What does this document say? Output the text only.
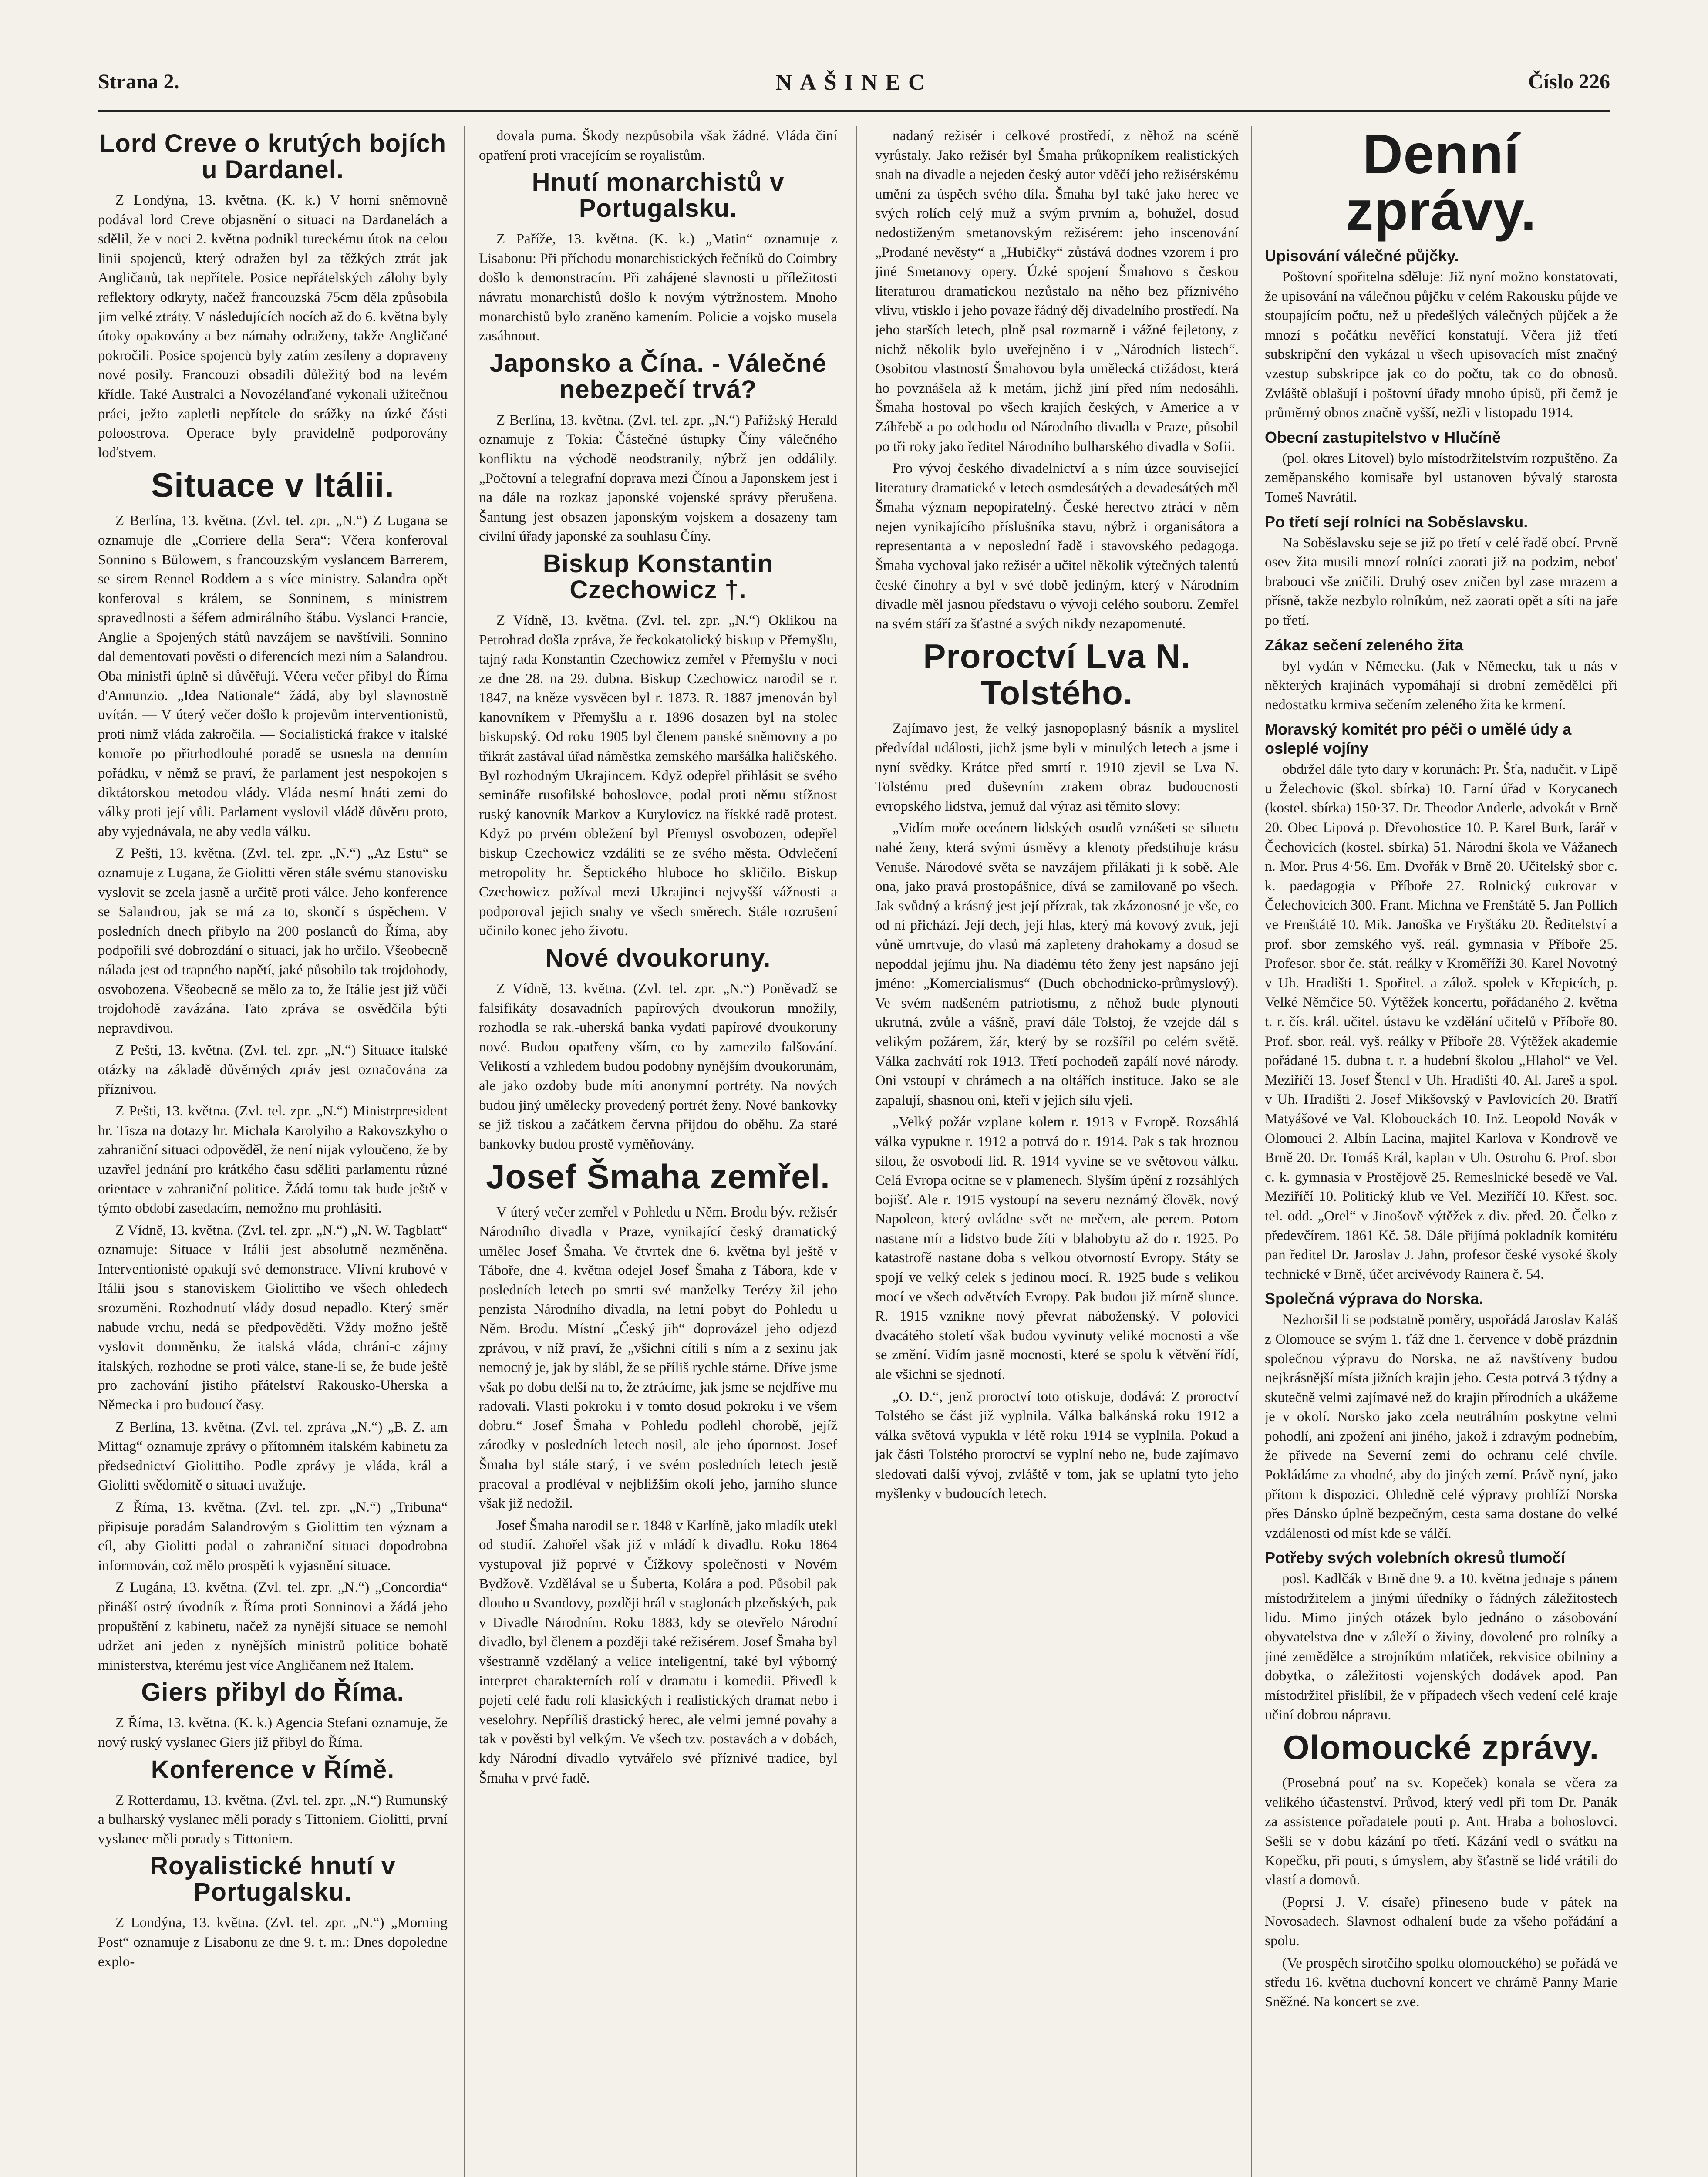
Strana 2.	NAŠINEC	Číslo 226
Lord Creve o krutých bojích u Dardanel.

Z Londýna, 13. května. (K. k.) V horní sněmovně podával lord Creve objasnění o situaci na Dardanelách a sdělil, že v noci 2. května podnikl tureckému útok na celou linii spojenců, který odražen byl za těžkých ztrát jak Angličanů, tak nepřítele. Posice nepřátelských zálohy byly reflektory odkryty, načež francouzská 75cm děla způsobila jim velké ztráty. V následujících nocích až do 6. května byly útoky opakovány a bez námahy odraženy, takže Angličané pokročili. Posice spojenců byly zatím zesíleny a dopraveny nové posily. Francouzi obsadili důležitý bod na levém křídle. Také Australci a Novozélanďané vykonali užitečnou práci, ježto zapletli nepřítele do srážky na úzké části poloostrova. Operace byly pravidelně podporovány loďstvem.

Situace v Itálii.

Z Berlína, 13. května. (Zvl. tel. zpr. „N.“) Z Lugana se oznamuje dle „Corriere della Sera“: Včera konferoval Sonnino s Bülowem, s francouzským vyslancem Barrerem, se sirem Rennel Roddem a s více ministry. Salandra opět konferoval s králem, se Sonninem, s ministrem spravedlnosti a šéfem admirálního štábu. Vyslanci Francie, Anglie a Spojených států navzájem se navštívili. Sonnino dal dementovati pověsti o diferencích mezi ním a Salandrou. Oba ministři úplně si důvěřují. Včera večer přibyl do Říma d'Annunzio. „Idea Nationale“ žádá, aby byl slavnostně uvítán. — V úterý večer došlo k projevům interventionistů, proti nimž vláda zakročila. — Socialistická frakce v italské komoře po přitrhodlouhé poradě se usnesla na denním pořádku, v němž se praví, že parlament jest nespokojen s diktátorskou metodou vlády. Vláda nesmí hnáti zemi do války proti její vůli. Parlament vyslovil vládě důvěru proto, aby vyjednávala, ne aby vedla válku.

Z Pešti, 13. května. (Zvl. tel. zpr. „N.“) „Az Estu“ se oznamuje z Lugana, že Giolitti věren stále svému stanovisku vyslovit se zcela jasně a určitě proti válce. Jeho konference se Salandrou, jak se má za to, skončí s úspěchem. V posledních dnech přibylo na 200 poslanců do Říma, aby podpořili své dobrozdání o situaci, jak ho určilo. Všeobecně nálada jest od trapného napětí, jaké působilo tak trojdohody, osvobozena. Všeobecně se mělo za to, že Itálie jest již vůči trojdohodě zavázána. Tato zpráva se osvědčila býti nepravdivou.

Z Pešti, 13. května. (Zvl. tel. zpr. „N.“) Situace italské otázky na základě důvěrných zpráv jest označována za příznivou.

Z Pešti, 13. května. (Zvl. tel. zpr. „N.“) Ministrpresident hr. Tisza na dotazy hr. Michala Karolyiho a Rakovszkyho o zahraniční situaci odpověděl, že není nijak vyloučeno, že by uzavřel jednání pro krátkého času sděliti parlamentu různé orientace v zahraniční politice. Žádá tomu tak bude ještě v týmto období zasedacím, nemožno mu prohlásiti.

Z Vídně, 13. května. (Zvl. tel. zpr. „N.“) „N. W. Tagblatt“ oznamuje: Situace v Itálii jest absolutně nezměněna. Interventionisté opakují své demonstrace. Vlivní kruhové v Itálii jsou s stanoviskem Giolittiho ve všech ohledech srozuměni. Rozhodnutí vlády dosud nepadlo. Který směr nabude vrchu, nedá se předpověděti. Vždy možno ještě vyslovit domněnku, že italská vláda, chrání-c zájmy italských, rozhodne se proti válce, stane-li se, že bude ještě pro zachování jistiho přátelství Rakousko-Uherska a Německa i pro budoucí časy.

Z Berlína, 13. května. (Zvl. tel. zpráva „N.“) „B. Z. am Mittag“ oznamuje zprávy o přítomném italském kabinetu za předsednictví Giolittiho. Podle zprávy je vláda, král a Giolitti svědomitě o situaci uvažuje.

Z Říma, 13. května. (Zvl. tel. zpr. „N.“) „Tribuna“ připisuje poradám Salandrovým s Giolittim ten význam a cíl, aby Giolitti podal o zahraniční situaci dopodrobna informován, což mělo prospěti k vyjasnění situace.

Z Lugána, 13. května. (Zvl. tel. zpr. „N.“) „Concordia“ přináší ostrý úvodník z Říma proti Sonninovi a žádá jeho propuštění z kabinetu, načež za nynější situace se nemohl udržet ani jeden z nynějších ministrů politice bohatě ministerstva, kterému jest více Angličanem než Italem.

Giers přibyl do Říma.

Z Říma, 13. května. (K. k.) Agencia Stefani oznamuje, že nový ruský vyslanec Giers již přibyl do Říma.

Konference v Římě.

Z Rotterdamu, 13. května. (Zvl. tel. zpr. „N.“) Rumunský a bulharský vyslanec měli porady s Tittoniem. Giolitti, první vyslanec měli porady s Tittoniem.

Royalistické hnutí v Portugalsku.

Z Londýna, 13. května. (Zvl. tel. zpr. „N.“) „Morning Post“ oznamuje z Lisabonu ze dne 9. t. m.: Dnes dopoledne explo-

dovala puma. Škody nezpůsobila však žádné. Vláda činí opatření proti vracejícím se royalistům.

Hnutí monarchistů v Portugalsku.

Z Paříže, 13. května. (K. k.) „Matin“ oznamuje z Lisabonu: Při příchodu monarchistických řečníků do Coimbry došlo k demonstracím. Při zahájené slavnosti u příležitosti návratu monarchistů došlo k novým výtržnostem. Mnoho monarchistů bylo zraněno kamením. Policie a vojsko musela zasáhnout.

Japonsko a Čína. - Válečné nebezpečí trvá?

Z Berlína, 13. května. (Zvl. tel. zpr. „N.“) Pařížský Herald oznamuje z Tokia: Částečné ústupky Číny válečného konfliktu na východě neodstranily, nýbrž jen oddálily. „Počtovní a telegrafní doprava mezi Čínou a Japonskem jest i na dále na rozkaz japonské vojenské správy přerušena. Šantung jest obsazen japonským vojskem a dosazeny tam civilní úřady japonské za souhlasu Číny.

Biskup Konstantin Czechowicz †.

Z Vídně, 13. května. (Zvl. tel. zpr. „N.“) Oklikou na Petrohrad došla zpráva, že řeckokatolický biskup v Přemyšlu, tajný rada Konstantin Czechowicz zemřel v Přemyšlu v noci ze dne 28. na 29. dubna. Biskup Czechowicz narodil se r. 1847, na kněze vysvěcen byl r. 1873. R. 1887 jmenován byl kanovníkem v Přemyšlu a r. 1896 dosazen byl na stolec biskupský. Od roku 1905 byl členem panské sněmovny a po třikrát zastával úřad náměstka zemského maršálka haličského. Byl rozhodným Ukrajincem. Když odepřel přihlásit se svého semináře rusofilské bohoslovce, podal proti němu stížnost ruský kanovník Markov a Kurylovicz na řískké radě protest. Když po prvém obležení byl Přemysl osvobozen, odepřel biskup Czechowicz vzdáliti se ze svého města. Odvlečení metropolity hr. Šeptického hluboce ho skličilo. Biskup Czechowicz požíval mezi Ukrajinci nejvyšší vážnosti a podporoval jejich snahy ve všech směrech. Stále rozrušení učinilo konec jeho životu.

Nové dvoukoruny.

Z Vídně, 13. května. (Zvl. tel. zpr. „N.“) Poněvadž se falsifikáty dosavadních papírových dvoukorun množily, rozhodla se rak.-uherská banka vydati papírové dvoukoruny nové. Budou opatřeny vším, co by zamezilo falšování. Velikostí a vzhledem budou podobny nynějším dvoukorunám, ale jako ozdoby bude míti anonymní portréty. Na nových budou jiný umělecky provedený portrét ženy. Nové bankovky se již tiskou a začátkem června přijdou do oběhu. Za staré bankovky budou prostě vyměňovány.

Josef Šmaha zemřel.

V úterý večer zemřel v Pohledu u Něm. Brodu býv. režisér Národního divadla v Praze, vynikající český dramatický umělec Josef Šmaha. Ve čtvrtek dne 6. května byl ještě v Táboře, dne 4. května odejel Josef Šmaha z Tábora, kde v posledních letech po smrti své manželky Terézy žil jeho penzista Národního divadla, na letní pobyt do Pohledu u Něm. Brodu. Místní „Český jih“ doprovázel jeho odjezd zprávou, v níž praví, že „všichni cítili s ním a z sexinu jak nemocný je, jak by slábl, že se příliš rychle stárne. Dříve jsme však po dobu delší na to, že ztrácíme, jak jsme se nejdříve mu radovali. Vlasti pokroku i v tomto dosud pokroku i ve všem dobru.“ Josef Šmaha v Pohledu podlehl chorobě, jejíž zárodky v posledních letech nosil, ale jeho úpornost. Josef Šmaha byl stále starý, i ve svém posledních letech jestě pracoval a prodléval v nejbližším okolí jeho, jarního slunce však již nedožil.

Josef Šmaha narodil se r. 1848 v Karlíně, jako mladík utekl od studií. Zahořel však již v mládí k divadlu. Roku 1864 vystupoval již poprvé v Čížkovy společnosti v Novém Bydžově. Vzdělával se u Šuberta, Kolára a pod. Působil pak dlouho u Svandovy, později hrál v staglonách plzeňských, pak v Divadle Národním. Roku 1883, kdy se otevřelo Národní divadlo, byl členem a později také režisérem. Josef Šmaha byl všestranně vzdělaný a velice inteligentní, také byl výborný interpret charakterních rolí v dramatu i komedii. Přivedl k pojetí celé řadu rolí klasických i realistických dramat nebo i veselohry. Nepříliš drastický herec, ale velmi jemné povahy a tak v pověsti byl velkým. Ve všech tzv. postavách a v dobách, kdy Národní divadlo vytvářelo své příznivé tradice, byl Šmaha v prvé řadě.

nadaný režisér i celkové prostředí, z něhož na scéně vyrůstaly. Jako režisér byl Šmaha průkopníkem realistických snah na divadle a nejeden český autor vděčí jeho režisérskému umění za úspěch svého díla. Šmaha byl také jako herec ve svých rolích celý muž a svým prvním a, bohužel, dosud nedostiženým smetanovským režisérem: jeho inscenování „Prodané nevěsty“ a „Hubičky“ zůstává dodnes vzorem i pro jiné Smetanovy opery. Úzké spojení Šmahovo s českou literaturou dramatickou nezůstalo na něho bez příznivého vlivu, vtisklo i jeho povaze řádný děj divadelního prostředí. Na jeho starších letech, plně psal rozmarně i vážné fejletony, z nichž několik bylo uveřejněno i v „Národních listech“. Osobitou vlastností Šmahovou byla umělecká ctižádost, která ho povznášela až k metám, jichž jiní před ním nedosáhli. Šmaha hostoval po všech krajích českých, v Americe a v Záhřebě a po odchodu od Národního divadla v Praze, působil po tři roky jako ředitel Národního bulharského divadla v Sofii.

Pro vývoj českého divadelnictví a s ním úzce související literatury dramatické v letech osmdesátých a devadesátých měl Šmaha význam nepopiratelný. České herectvo ztrácí v něm nejen vynikajícího příslušníka stavu, nýbrž i organisátora a representanta a v neposlední řadě i stavovského pedagoga. Šmaha vychoval jako režisér a učitel několik výtečných talentů české činohry a byl v své době jediným, který v Národním divadle měl jasnou představu o vývoji celého souboru. Zemřel na svém stáří za šťastné a svých nikdy nezapomenuté.

Proroctví Lva N. Tolstého.

Zajímavo jest, že velký jasnopoplasný básník a myslitel předvídal události, jichž jsme byli v minulých letech a jsme i nyní svědky. Krátce před smrtí r. 1910 zjevil se Lva N. Tolstému pred duševním zrakem obraz budoucnosti evropského lidstva, jemuž dal výraz asi těmito slovy:

„Vidím moře oceánem lidských osudů vznášeti se siluetu nahé ženy, která svými úsměvy a klenoty předstihuje krásu Venuše. Národové světa se navzájem přilákati ji k sobě. Ale ona, jako pravá prostopášnice, dívá se zamilovaně po všech. Jak svůdný a krásný jest její přízrak, tak zkázonosné je vše, co od ní přichází. Její dech, její hlas, který má kovový zvuk, její vůně umrtvuje, do vlasů má zapleteny drahokamy a dosud se nepoddal jejímu jhu. Na diadému této ženy jest napsáno její jméno: „Komercialismus“ (Duch obchodnicko-průmyslový). Ve svém nadšeném patriotismu, z něhož bude plynouti ukrutná, zvůle a vášně, praví dále Tolstoj, že vzejde dál s velikým požárem, žár, který by se rozšířil po celém světě. Válka zachvátí rok 1913. Třetí pochodeň zapálí nové národy. Oni vstoupí v chrámech a na oltářích instituce. Jako se ale zapalují, shasnou oni, kteří v jejich sílu vjeli.

„Velký požár vzplane kolem r. 1913 v Evropě. Rozsáhlá válka vypukne r. 1912 a potrvá do r. 1914. Pak s tak hroznou silou, že osvobodí lid. R. 1914 vyvine se ve světovou válku. Celá Evropa ocitne se v plamenech. Slyším úpění z rozsáhlých bojišť. Ale r. 1915 vystoupí na severu neznámý člověk, nový Napoleon, který ovládne svět ne mečem, ale perem. Potom nastane mír a lidstvo bude žíti v blahobytu až do r. 1925. Po katastrofě nastane doba s velkou otvorností Evropy. Státy se spojí ve velký celek s jedinou mocí. R. 1925 bude s velikou mocí ve všech odvětvích Evropy. Pak budou již mírně slunce. R. 1915 vznikne nový převrat náboženský. V polovici dvacátého století však budou vyvinuty veliké mocnosti a vše se změní. Vidím jasně mocnosti, které se spolu k větvění řídí, ale všichni se sjednotí.

„O. D.“, jenž proroctví toto otiskuje, dodává: Z proroctví Tolstého se část již vyplnila. Válka balkánská roku 1912 a válka světová vypukla v létě roku 1914 se vyplnila. Pokud a jak části Tolstého proroctví se vyplní nebo ne, bude zajímavo sledovati další vývoj, zvláště v tom, jak se uplatní tyto jeho myšlenky v budoucích letech.

Denní zprávy.
Upisování válečné půjčky.

Poštovní spořitelna sděluje: Již nyní možno konstatovati, že upisování na válečnou půjčku v celém Rakousku půjde ve stoupajícím počtu, než u předešlých válečných půjček a že mnozí s počátku nevěřící konstatují. Včera již třetí subskripční den vykázal u všech upisovacích míst značný vzestup subskripce jak co do počtu, tak co do obnosů. Zvláště oblašují i poštovní úřady mnoho úpisů, při čemž je průměrný obnos značně vyšší, nežli v listopadu 1914.

Obecní zastupitelstvo v Hlučíně

(pol. okres Litovel) bylo místodržitelstvím rozpuštěno. Za zeměpanského komisaře byl ustanoven bývalý starosta Tomeš Navrátil.

Po třetí sejí rolníci na Soběslavsku.

Na Soběslavsku seje se již po třetí v celé řadě obcí. Prvně osev žita musili mnozí rolníci zaorati již na podzim, neboť brabouci vše zničili. Druhý osev zničen byl zase mrazem a přísně, takže nezbylo rolníkům, než zaorati opět a síti na jaře po třetí.

Zákaz sečení zeleného žita

byl vydán v Německu. (Jak v Německu, tak u nás v některých krajinách vypomáhají si drobní zemědělci při nedostatku krmiva sečením zeleného žita ke krmení.

Moravský komitét pro péči o umělé údy a osleplé vojíny

obdržel dále tyto dary v korunách: Pr. Šťa, nadučit. v Lipě u Želechovic (škol. sbírka) 10. Farní úřad v Korycanech (kostel. sbírka) 150·37. Dr. Theodor Anderle, advokát v Brně 20. Obec Lipová p. Dřevohostice 10. P. Karel Burk, farář v Čechovicích (kostel. sbírka) 51. Národní škola ve Vážanech n. Mor. Prus 4·56. Em. Dvořák v Brně 20. Učitelský sbor c. k. paedagogia v Příboře 27. Rolnický cukrovar v Čelechovicích 300. Frant. Michna ve Frenštátě 5. Jan Pollich ve Frenštátě 10. Mik. Janoška ve Fryštáku 20. Ředitelství a prof. sbor zemského vyš. reál. gymnasia v Příboře 25. Profesor. sbor če. stát. reálky v Kroměříži 30. Karel Novotný v Uh. Hradišti 1. Spořitel. a zálož. spolek v Křepicích, p. Velké Němčice 50. Výtěžek koncertu, pořádaného 2. května t. r. čís. král. učitel. ústavu ke vzdělání učitelů v Příboře 80. Prof. sbor. reál. vyš. reálky v Příboře 28. Výtěžek akademie pořádané 15. dubna t. r. a hudební školou „Hlahol“ ve Vel. Meziříčí 13. Josef Štencl v Uh. Hradišti 40. Al. Jareš a spol. v Uh. Hradišti 2. Josef Mikšovský v Pavlovicích 20. Bratří Matyášové ve Val. Klobouckách 10. Inž. Leopold Novák v Olomouci 2. Albín Lacina, majitel Karlova v Kondrově ve Brně 20. Dr. Tomáš Král, kaplan v Uh. Ostrohu 6. Prof. sbor c. k. gymnasia v Prostějově 25. Remeslnické besedě ve Val. Meziříčí 10. Politický klub ve Vel. Meziříčí 10. Křest. soc. tel. odd. „Orel“ v Jinošově výtěžek z div. před. 20. Čelko z předevčírem. 1861 Kč. 58. Dále přijímá pokladník komitétu pan ředitel Dr. Jaroslav J. Jahn, profesor české vysoké školy technické v Brně, účet arcivévody Rainera č. 54.

Společná výprava do Norska.

Nezhoršil li se podstatně poměry, uspořádá Jaroslav Kaláš z Olomouce se svým 1. ťáž dne 1. července v době prázdnin společnou výpravu do Norska, ne až navštíveny budou nejkrásnější místa jižních krajin jeho. Cesta potrvá 3 týdny a skutečně velmi zajímavé než do krajin přírodních a ukážeme je v okolí. Norsko jako zcela neutrálním poskytne velmi pohodlí, ani zpožení ani jiného, jakož i zdravým podnebím, že přivede na Severní zemi do ochranu celé chvíle. Pokládáme za vhodné, aby do jiných zemí. Právě nyní, jako přítom k dispozici. Ohledně celé výpravy prohlíží Norska přes Dánsko úplně bezpečným, cesta sama dostane do velké vzdálenosti od míst kde se válčí.

Potřeby svých volebních okresů tlumočí

posl. Kadlčák v Brně dne 9. a 10. května jednaje s pánem místodržitelem a jinými úředníky o řádných záležitostech lidu. Mimo jiných otázek bylo jednáno o zásobování obyvatelstva dne v záleží o živiny, dovolené pro rolníky a jiné zemědělce a strojníkům mlatiček, rekvisice obilniny a dobytka, o záležitosti vojenských dodávek apod. Pan místodržitel přislíbil, že v případech všech vedení celé kraje učiní dobrou nápravu.

Olomoucké zprávy.

(Prosebná pouť na sv. Kopeček) konala se včera za velikého účastenství. Průvod, který vedl při tom Dr. Panák za assistence pořadatele pouti p. Ant. Hraba a bohoslovci. Sešli se v dobu kázání po třetí. Kázání vedl o svátku na Kopečku, při pouti, s úmyslem, aby šťastně se lidé vrátili do vlastí a domovů.

(Poprsí J. V. císaře) přineseno bude v pátek na Novosadech. Slavnost odhalení bude za všeho pořádání a spolu.

(Ve prospěch sirotčího spolku olomouckého) se pořádá ve středu 16. května duchovní koncert ve chrámě Panny Marie Sněžné. Na koncert se zve.
